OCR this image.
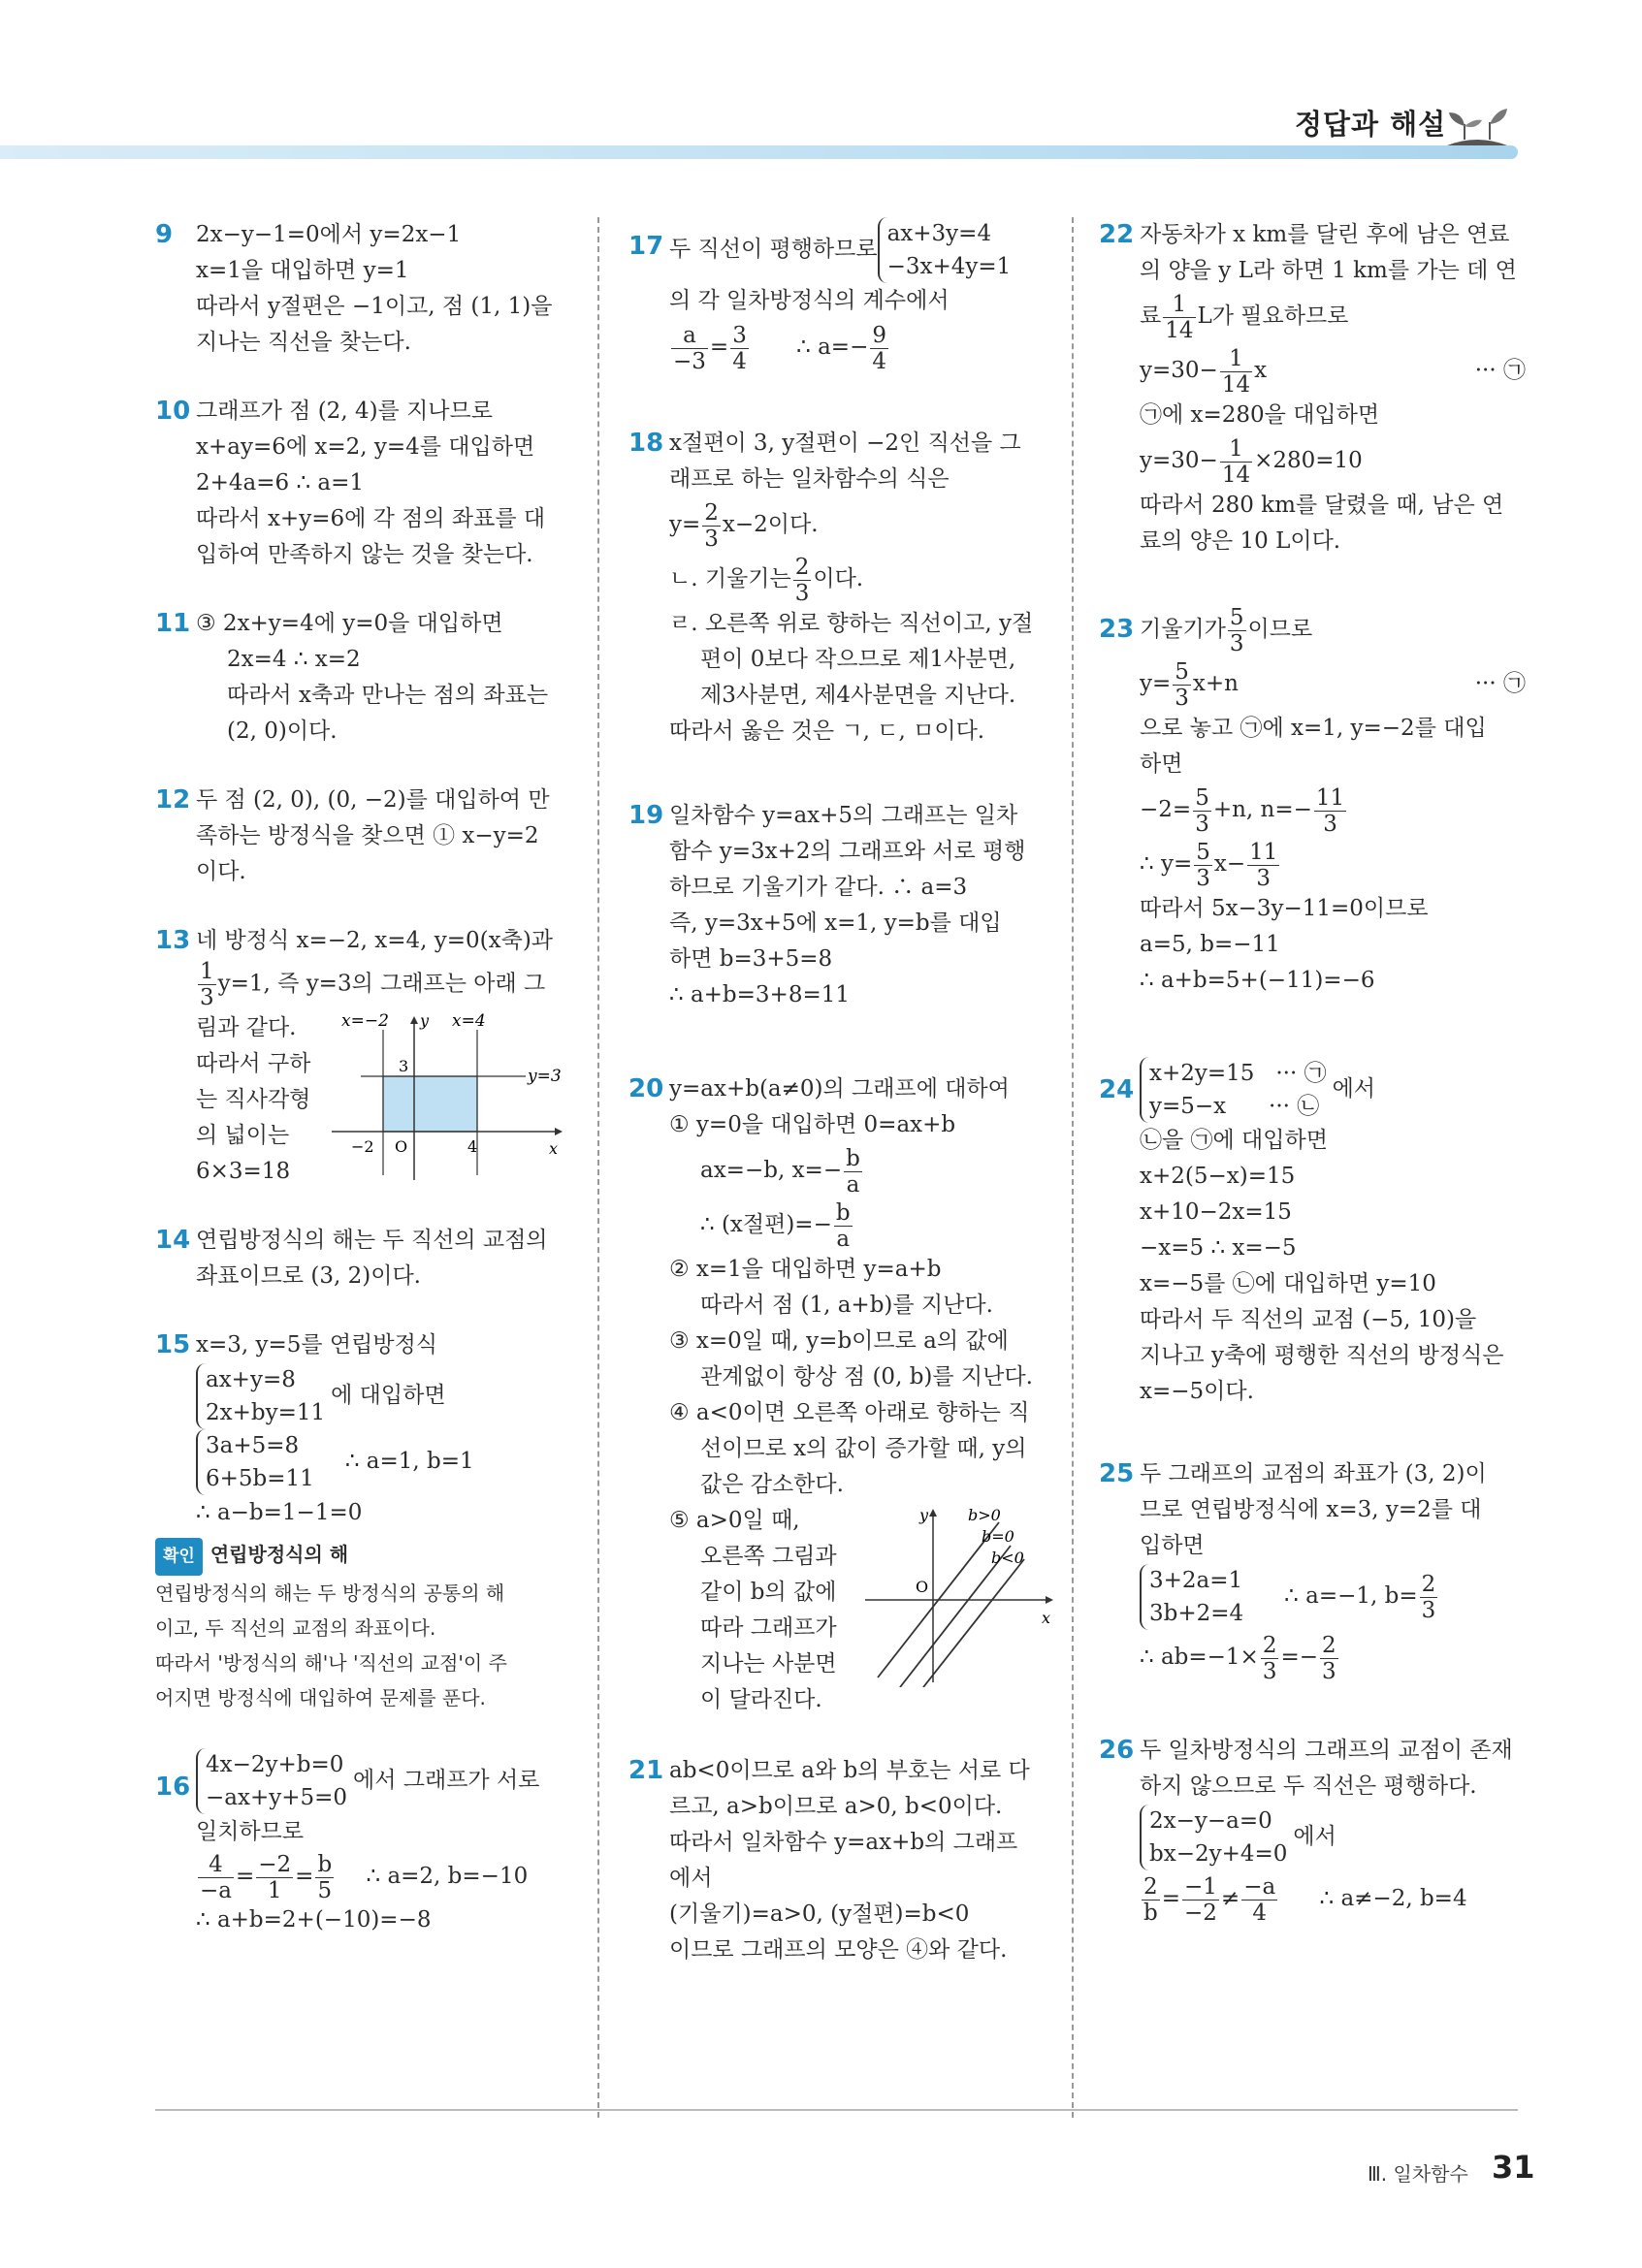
정답과 해설
9 2x−y−1=0에서 y=2x−1
x=1을 대입하면 y=1
따라서 y절편은 −1이고, 점 (1, 1)을
지나는 직선을 찾는다.
10 그래프가 점 (2, 4)를 지나므로
x+ay=6에 x=2, y=4를 대입하면
2+4a=6 ∴ a=1
따라서 x+y=6에 각 점의 좌표를 대
입하여 만족하지 않는 것을 찾는다.
11 ③ 2x+y=4에 y=0을 대입하면
2x=4 ∴ x=2
따라서 x축과 만나는 점의 좌표는
(2, 0)이다.
12 두 점 (2, 0), (0, −2)를 대입하여 만
족하는 방정식을 찾으면 ① x−y=2
이다.
13 네 방정식 x=−2, x=4, y=0(x축)과
$\frac{1}{3} y=1$, 즉 y=3의 그래프는 아래 그
림과 같다.
따라서 구하
는 직사각형
의 넓이는
6×3=18
x=−2	x=4
y
y=3
3
−2 O	4	x
14 연립방정식의 해는 두 직선의 교점의
좌표이므로 (3, 2)이다.
15 x=3, y=5를 연립방정식
ax+y=8
2x+by=11
에 대입하면
3a+5=8
6+5b=11
∴ a=1, b=1
∴ a−b=1−1=0
확인 연립방정식의 해
연립방정식의 해는 두 방정식의 공통의 해
이고, 두 직선의 교점의 좌표이다.
따라서 '방정식의 해'나 '직선의 교점'이 주
어지면 방정식에 대입하여 문제를 푼다.
16
4x−2y+b=0
−ax+y+5=0
에서 그래프가 서로
일치하므로
$\frac{4}{-a} = \frac{-2}{1} = \frac{b}{5}$ ∴ a=2, b=−10
∴ a+b=2+(−10)=−8
17 두 직선이 평행하므로
ax+3y=4
−3x+4y=1
의 각 일차방정식의 계수에서
$\frac{a}{-3} = \frac{3}{4}$ ∴ $a=- \frac{9}{4}$
18 x절편이 3, y절편이 −2인 직선을 그
래프로 하는 일차함수의 식은
$y= \frac{2}{3} x-2$이다.
ㄴ. 기울기는 $\frac{2}{3}$ 이다.
ㄹ. 오른쪽 위로 향하는 직선이고, y절
편이 0보다 작으므로 제1사분면,
제3사분면, 제4사분면을 지난다.
따라서 옳은 것은 ㄱ, ㄷ, ㅁ이다.
19 일차함수 y=ax+5의 그래프는 일차
함수 y=3x+2의 그래프와 서로 평행
하므로 기울기가 같다. ∴ a=3
즉, y=3x+5에 x=1, y=b를 대입
하면 b=3+5=8
∴ a+b=3+8=11
20 y=ax+b(a≠0)의 그래프에 대하여
① y=0을 대입하면 0=ax+b
ax=−b, $x=- \frac{b}{a}$
∴ (x절편)=− $\frac{b}{a}$
② x=1을 대입하면 y=a+b
따라서 점 (1, a+b)를 지난다.
③ x=0일 때, y=b이므로 a의 값에
관계없이 항상 점 (0, b)를 지난다.
④ a<0이면 오른쪽 아래로 향하는 직
선이므로 x의 값이 증가할 때, y의
값은 감소한다.
⑤ a>0일 때,
오른쪽 그림과
같이 b의 값에
따라 그래프가
지나는 사분면
이 달라진다.
y
x
O
b>0
b=0
b<0
21 ab<0이므로 a와 b의 부호는 서로 다
르고, a>b이므로 a>0, b<0이다.
따라서 일차함수 y=ax+b의 그래프
에서
(기울기)=a>0, (y절편)=b<0
이므로 그래프의 모양은 ④와 같다.
22 자동차가 x km를 달린 후에 남은 연료
의 양을 y L라 하면 1 km를 가는 데 연
료 $\frac{1}{14}$ L가 필요하므로
$y=30- \frac{1}{14}$ x	··· ㉠
㉠에 x=280을 대입하면
$y=30- \frac{1}{14} \times 280=10$
따라서 280 km를 달렸을 때, 남은 연
료의 양은 10 L이다.
23 기울기가 $\frac{5}{3}$ 이므로
$y= \frac{5}{3} x+n$	··· ㉠
으로 놓고 ㉠에 x=1, y=−2를 대입
하면
$-2= \frac{5}{3} +n$, $n=- \frac{11}{3}$
∴ $y= \frac{5}{3} x- \frac{11}{3}$
따라서 5x−3y−11=0이므로
a=5, b=−11
∴ a+b=5+(−11)=−6
24
x+2y=15   ··· ㉠
y=5−x      ··· ㉡
에서
㉡을 ㉠에 대입하면
x+2(5−x)=15
x+10−2x=15
−x=5 ∴ x=−5
x=−5를 ㉡에 대입하면 y=10
따라서 두 직선의 교점 (−5, 10)을
지나고 y축에 평행한 직선의 방정식은
x=−5이다.
25 두 그래프의 교점의 좌표가 (3, 2)이
므로 연립방정식에 x=3, y=2를 대
입하면
3+2a=1
3b+2=4
∴ a=−1, $b= \frac{2}{3}$
∴ $ab=-1\times \frac{2}{3} =- \frac{2}{3}$
26 두 일차방정식의 그래프의 교점이 존재
하지 않으므로 두 직선은 평행하다.
2x−y−a=0
bx−2y+4=0
에서
$\frac{2}{b} = \frac{-1}{-2} \ne \frac{-a}{4}$ ∴ a≠−2, b=4
Ⅲ. 일차함수 31
